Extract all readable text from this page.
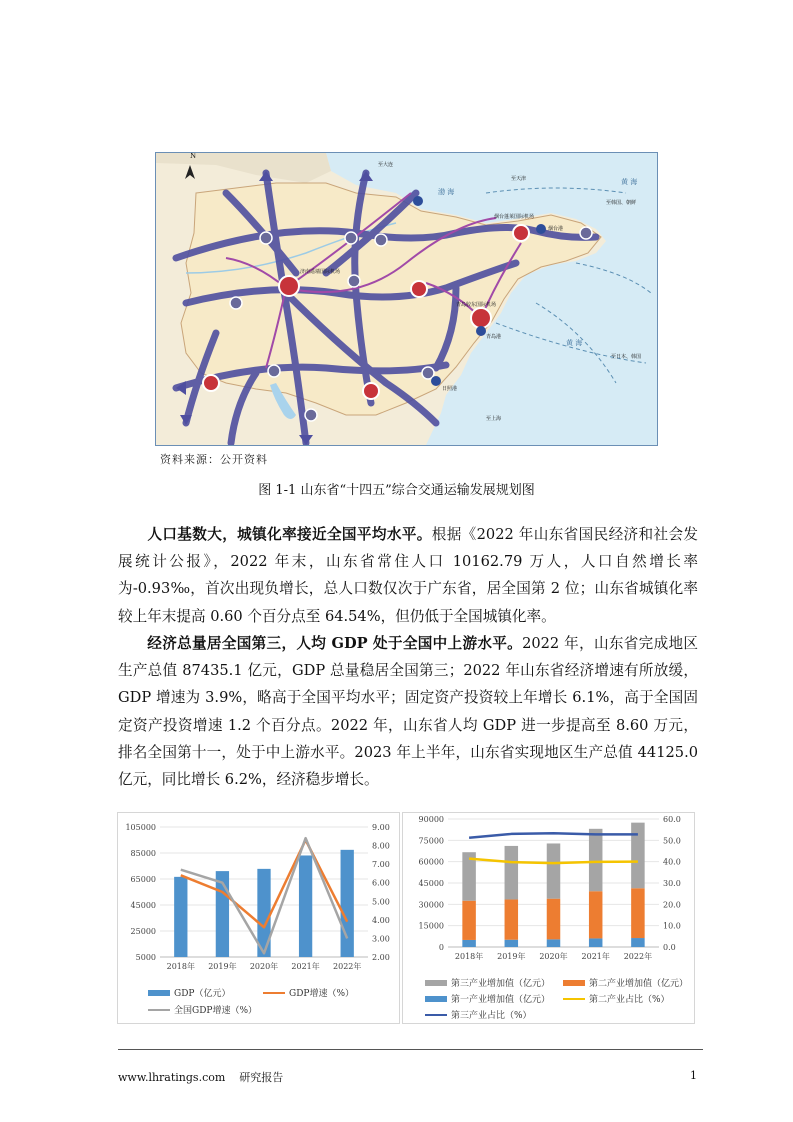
N
渤 海
黄 海
黄 海
济南遥墙国际机场
烟台蓬莱国际机场
青岛胶东国际机场
青岛港
烟台港
日照港
至大连
至天津
至韩国、朝鲜
至日本、韩国
至上海
资料来源：公开资料
图 1-1 山东省“十四五”综合交通运输发展规划图
人口基数大，城镇化率接近全国平均水平。根据《2022 年山东省国民经济和社会发展统计公报》，2022 年末，山东省常住人口 10162.79 万人，人口自然增长率为-0.93‰，首次出现负增长，总人口数仅次于广东省，居全国第 2 位；山东省城镇化率较上年末提高 0.60 个百分点至 64.54%，但仍低于全国城镇化率。
经济总量居全国第三，人均 GDP 处于全国中上游水平。2022 年，山东省完成地区生产总值 87435.1 亿元，GDP 总量稳居全国第三；2022 年山东省经济增速有所放缓，GDP 增速为 3.9%，略高于全国平均水平；固定资产投资较上年增长 6.1%，高于全国固定资产投资增速 1.2 个百分点。2022 年，山东省人均 GDP 进一步提高至 8.60 万元，排名全国第十一，处于中上游水平。2023 年上半年，山东省实现地区生产总值 44125.0 亿元，同比增长 6.2%，经济稳步增长。
5000
25000
45000
65000
85000
105000
2.00
3.00
4.00
5.00
6.00
7.00
8.00
9.00
2018年 2019年 2020年 2021年 2022年
GDP（亿元）	GDP增速（%）
全国GDP增速（%）
0
15000
30000
45000
60000
75000
90000
0.0
10.0
20.0
30.0
40.0
50.0
60.0
2018年 2019年 2020年 2021年 2022年
第三产业增加值（亿元）	第二产业增加值（亿元）
第一产业增加值（亿元）	第二产业占比（%）
第三产业占比（%）
www.lhratings.com 研究报告	1
